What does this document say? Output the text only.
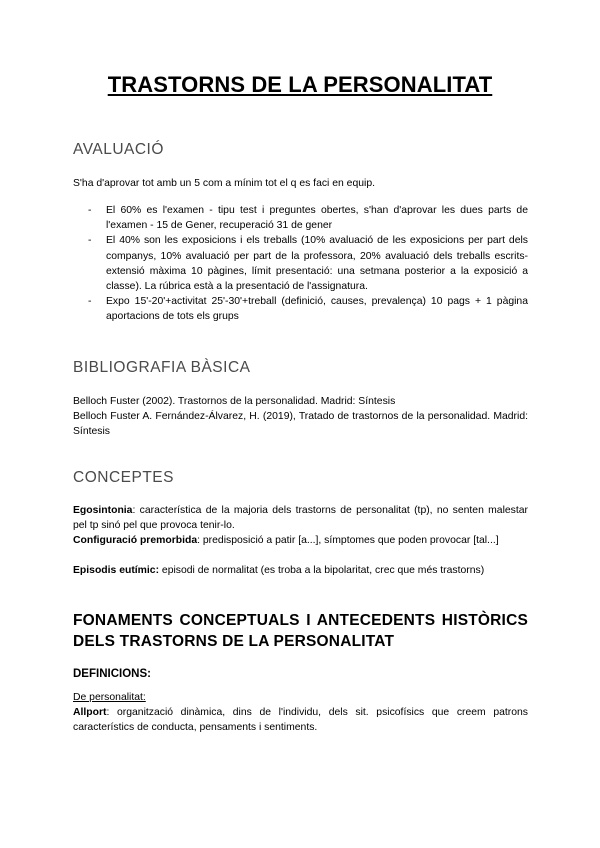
TRASTORNS DE LA PERSONALITAT
AVALUACIÓ
S'ha d'aprovar tot amb un 5 com a mínim tot el q es faci en equip.
- El 60% es l'examen - tipu test i preguntes obertes, s'han d'aprovar les dues parts de l'examen - 15 de Gener, recuperació 31 de gener
- El 40% son les exposicions i els treballs (10% avaluació de les exposicions per part dels companys, 10% avaluació per part de la professora, 20% avaluació dels treballs escrits- extensió màxima 10 pàgines, límit presentació: una setmana posterior a la exposició a classe). La rúbrica està a la presentació de l'assignatura.
- Expo 15'-20'+activitat 25'-30'+treball (definició, causes, prevalença) 10 pags + 1 pàgina aportacions de tots els grups
BIBLIOGRAFIA BÀSICA
Belloch Fuster (2002). Trastornos de la personalidad. Madrid: Síntesis
Belloch Fuster A. Fernández-Álvarez, H. (2019), Tratado de trastornos de la personalidad. Madrid: Síntesis
CONCEPTES
Egosintonia: característica de la majoria dels trastorns de personalitat (tp), no senten malestar pel tp sinó pel que provoca tenir-lo.
Configuració premorbida: predisposició a patir [a...], símptomes que poden provocar [tal...]
Episodis eutímic: episodi de normalitat (es troba a la bipolaritat, crec que més trastorns)
FONAMENTS CONCEPTUALS I ANTECEDENTS HISTÒRICS DELS TRASTORNS DE LA PERSONALITAT
DEFINICIONS:
De personalitat:
Allport: organització dinàmica, dins de l'individu, dels sit. psicofísics que creem patrons característics de conducta, pensaments i sentiments.
